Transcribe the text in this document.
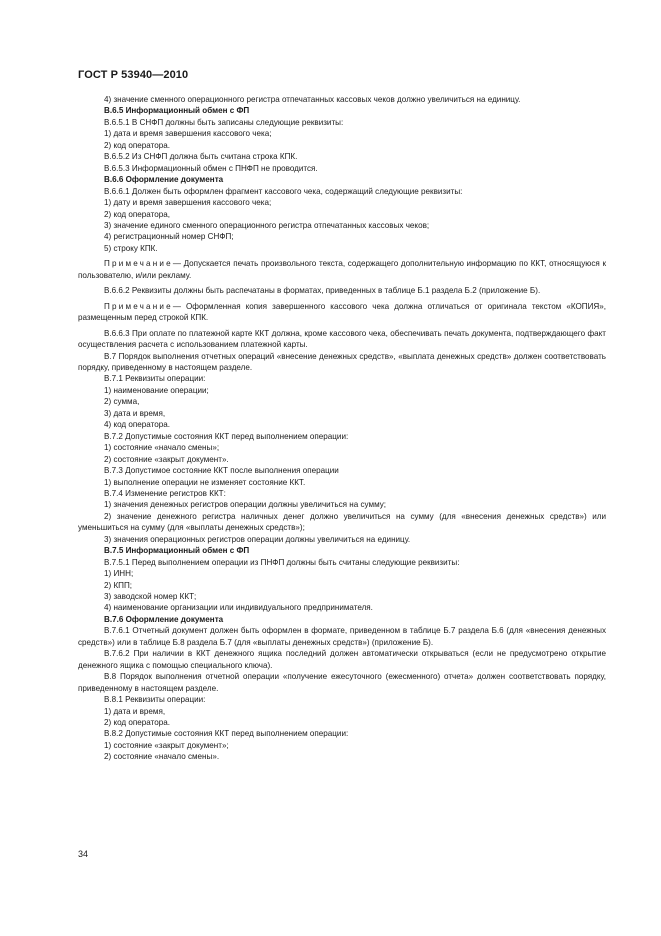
ГОСТ Р 53940—2010

4) значение сменного операционного регистра отпечатанных кассовых чеков должно увеличиться на единицу.

В.6.5 Информационный обмен с ФП

В.6.5.1 В СНФП должны быть записаны следующие реквизиты:

1) дата и время завершения кассового чека;

2) код оператора.

В.6.5.2 Из СНФП должна быть считана строка КПК.

В.6.5.3 Информационный обмен с ПНФП не проводится.

В.6.6 Оформление документа

В.6.6.1 Должен быть оформлен фрагмент кассового чека, содержащий следующие реквизиты:

1) дату и время завершения кассового чека;

2) код оператора,

3) значение единого сменного операционного регистра отпечатанных кассовых чеков;

4) регистрационный номер СНФП;

5) строку КПК.

Примечание— Допускается печать произвольного текста, содержащего дополнительную информацию по ККТ, относящуюся к пользователю, и/или рекламу.

В.6.6.2 Реквизиты должны быть распечатаны в форматах, приведенных в таблице Б.1 раздела Б.2 (приложение Б).

Примечание— Оформленная копия завершенного кассового чека должна отличаться от оригинала текстом «КОПИЯ», размещенным перед строкой КПК.

В.6.6.3 При оплате по платежной карте ККТ должна, кроме кассового чека, обеспечивать печать документа, подтверждающего факт осуществления расчета с использованием платежной карты.

В.7 Порядок выполнения отчетных операций «внесение денежных средств», «выплата денежных средств» должен соответствовать порядку, приведенному в настоящем разделе.

В.7.1 Реквизиты операции:

1) наименование операции;

2) сумма,

3) дата и время,

4) код оператора.

В.7.2 Допустимые состояния ККТ перед выполнением операции:

1) состояние «начало смены»;

2) состояние «закрыт документ».

В.7.3 Допустимое состояние ККТ после выполнения операции

1) выполнение операции не изменяет состояние ККТ.

В.7.4 Изменение регистров ККТ:

1) значения денежных регистров операции должны увеличиться на сумму;

2) значение денежного регистра наличных денег должно увеличиться на сумму (для «внесения денежных средств») или уменьшиться на сумму (для «выплаты денежных средств»);

3) значения операционных регистров операции должны увеличиться на единицу.

В.7.5 Информационный обмен с ФП

В.7.5.1 Перед выполнением операции из ПНФП должны быть считаны следующие реквизиты:

1) ИНН;

2) КПП;

3) заводской номер ККТ;

4) наименование организации или индивидуального предпринимателя.

В.7.6 Оформление документа

В.7.6.1 Отчетный документ должен быть оформлен в формате, приведенном в таблице Б.7 раздела Б.6 (для «внесения денежных средств») или в таблице Б.8 раздела Б.7 (для «выплаты денежных средств») (приложение Б).

В.7.6.2 При наличии в ККТ денежного ящика последний должен автоматически открываться (если не предусмотрено открытие денежного ящика с помощью специального ключа).

В.8 Порядок выполнения отчетной операции «получение ежесуточного (ежесменного) отчета» должен соответствовать порядку, приведенному в настоящем разделе.

В.8.1 Реквизиты операции:

1) дата и время,

2) код оператора.

В.8.2 Допустимые состояния ККТ перед выполнением операции:

1) состояние «закрыт документ»;

2) состояние «начало смены».

34
